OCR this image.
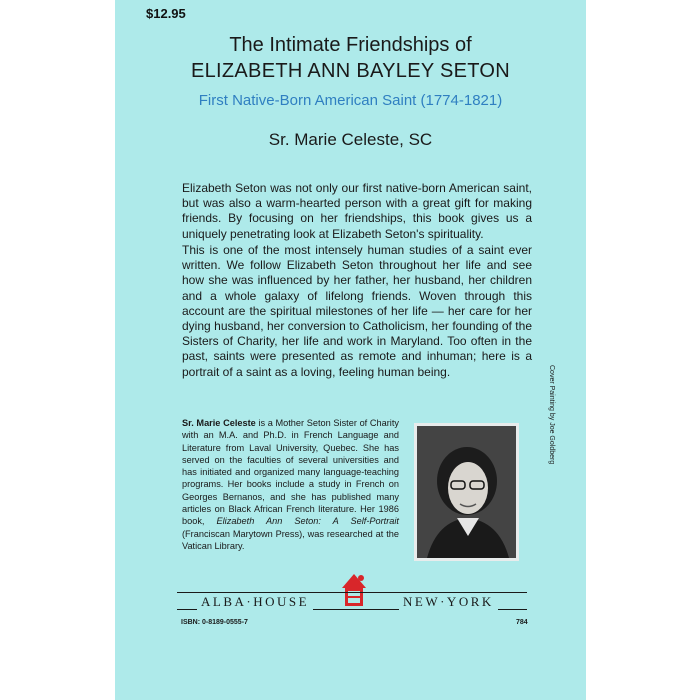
$12.95
The Intimate Friendships of
ELIZABETH ANN BAYLEY SETON
First Native-Born American Saint (1774-1821)
Sr. Marie Celeste, SC

Elizabeth Seton was not only our first native-born American saint, but was also a warm-hearted person with a great gift for making friends. By focusing on her friendships, this book gives us a uniquely penetrating look at Elizabeth Seton's spirituality.

This is one of the most intensely human studies of a saint ever written. We follow Elizabeth Seton throughout her life and see how she was influenced by her father, her husband, her children and a whole galaxy of lifelong friends. Woven through this account are the spiritual milestones of her life — her care for her dying husband, her conversion to Catholicism, her founding of the Sisters of Charity, her life and work in Maryland. Too often in the past, saints were presented as remote and inhuman; here is a portrait of a saint as a loving, feeling human being.

Sr. Marie Celeste is a Mother Seton Sister of Charity with an M.A. and Ph.D. in French Language and Literature from Laval University, Quebec. She has served on the faculties of several universities and has initiated and organized many language-teaching programs. Her books include a study in French on Georges Bernanos, and she has published many articles on Black African French literature. Her 1986 book, Elizabeth Ann Seton: A Self-Portrait (Franciscan Marytown Press), was researched at the Vatican Library.

ALBA·HOUSE	NEW·YORK
ISBN: 0-8189-0555-7	784
Cover Painting by Joe Goldberg
